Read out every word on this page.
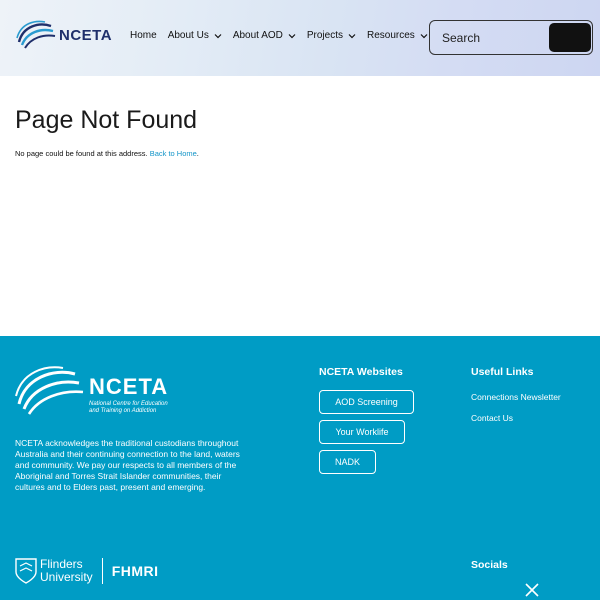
NCETA Home About Us About AOD Projects Resources Search
Page Not Found

No page could be found at this address. Back to Home.

NCETA
National Centre for Education
and Training on Addiction

NCETA acknowledges the traditional custodians throughout Australia and their continuing connection to the land, waters and community. We pay our respects to all members of the Aboriginal and Torres Strait Islander communities, their cultures and to Elders past, present and emerging.

NCETA Websites
AOD Screening
Your Worklife
NADK
Useful Links
Connections Newsletter
Contact Us
Flinders
University FHMRI	Socials
